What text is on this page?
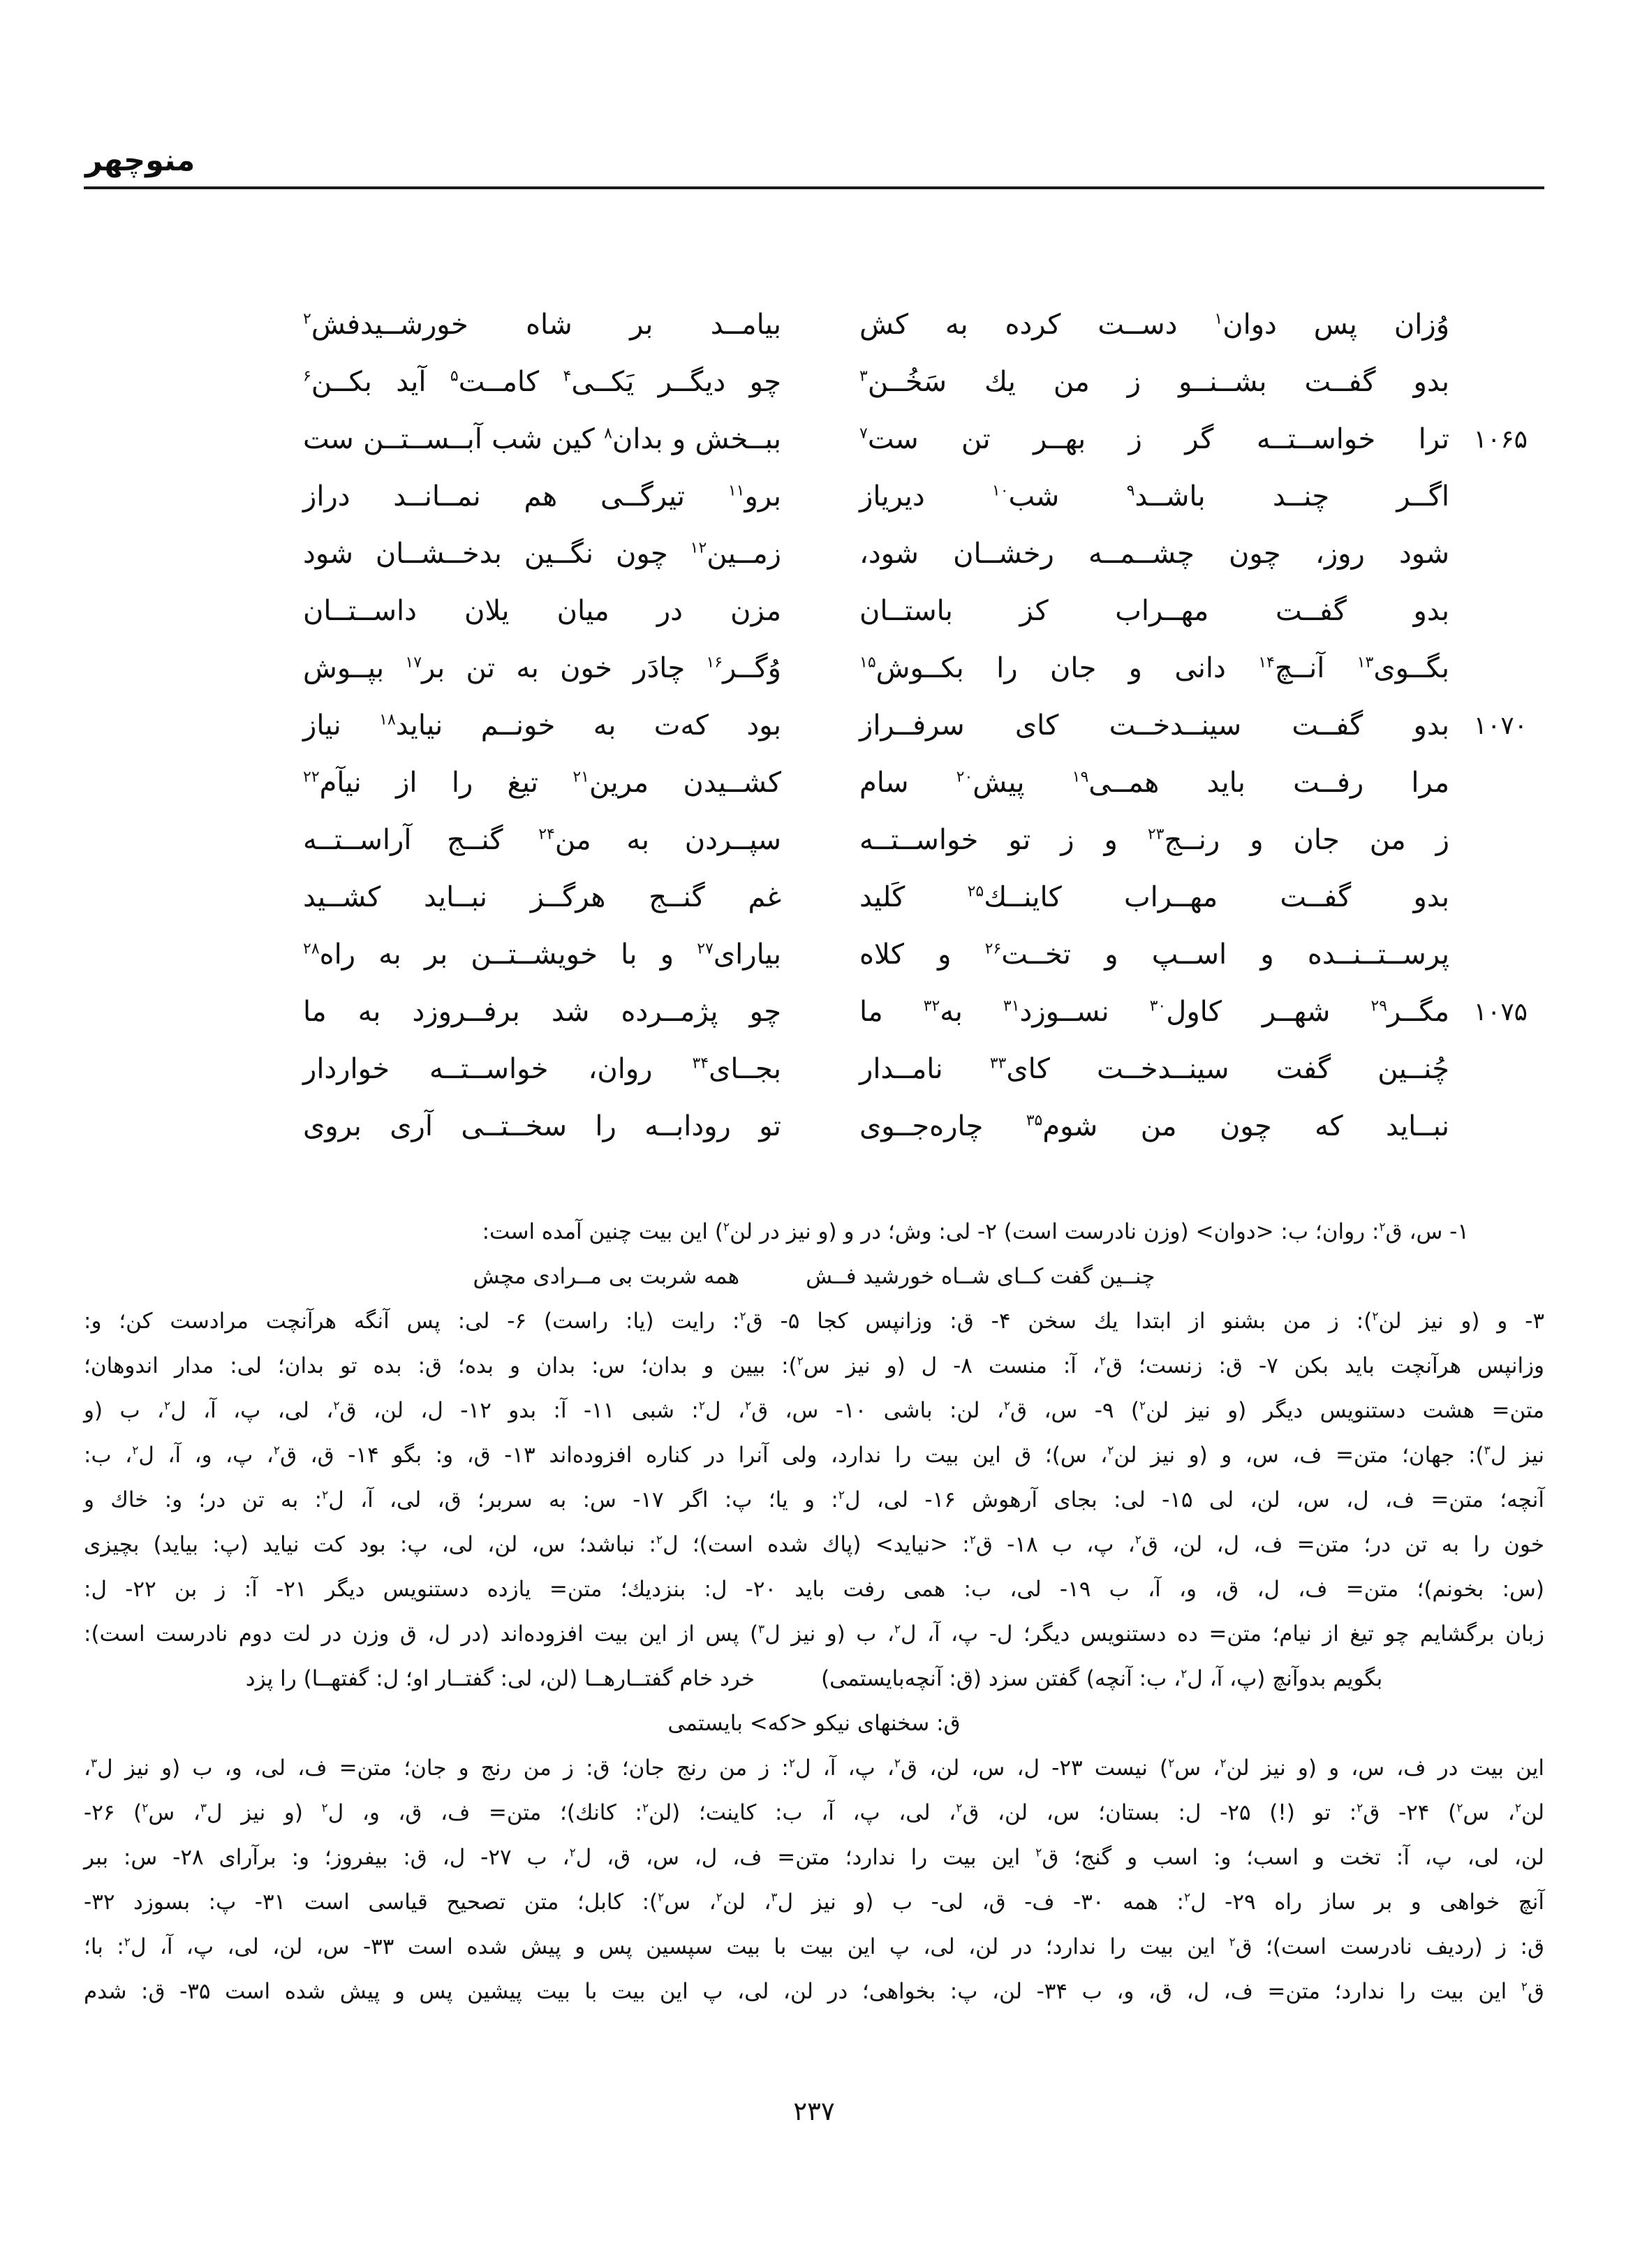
منوچهر
وُزان پس دوان$^۱$ دســت كرده به كش
بيامــد بر شاه خورشــيدفش$^۲$
بدو گفــت بشــنــو ز من يك سَخُــن$^۳$
چو ديگــر يَكــى$^۴$ كامــت$^۵$ آيد بكــن$^۶$
۱۰۶۵
ترا خواســتــه گر ز بهــر تن ست$^۷$
ببــخش و بدان$^۸$ كين شب آبــســتــن ست
اگــر چنــد باشــد$^۹$ شب$^{۱۰}$ ديرياز
برو$^{۱۱}$ تيرگــى هم نمــانــد دراز
شود روز، چون چشــمــه رخشــان شود،
زمــين$^{۱۲}$ چون نگــين بدخــشــان شود
بدو گفــت مهــراب كز باستــان
مزن در ميان يلان داســتــان
بگــوى$^{۱۳}$ آنــچ$^{۱۴}$ دانى و جان را بكــوش$^{۱۵}$
وُگــر$^{۱۶}$ چادَر خون به تن بر$^{۱۷}$ بپــوش
۱۰۷۰
بدو گفــت سينــدخــت كاى سرفــراز
بود كه‌ت به خونــم نيايد$^{۱۸}$ نياز
مرا رفــت بايد همــى$^{۱۹}$ پيش$^{۲۰}$ سام
كشــيدن مرين$^{۲۱}$ تيغ را از نيآم$^{۲۲}$
ز من جان و رنــج$^{۲۳}$ و ز تو خواســتــه
سپــردن به من$^{۲۴}$ گنــج آراســتــه
بدو گفــت مهــراب كاينــك$^{۲۵}$ كَليد
غم گنــج هرگــز نبــايد كشــيد
پرســتــنــده و اســپ و تخــت$^{۲۶}$ و كلاه
بياراى$^{۲۷}$ و با خويشــتــن بر به راه$^{۲۸}$
۱۰۷۵
مگــر$^{۲۹}$ شهــر كاول$^{۳۰}$ نســوزد$^{۳۱}$ به$^{۳۲}$ ما
چو پژمــرده شد برفــروزد به ما
چُنــين گفت سينــدخــت كاى$^{۳۳}$ نامــدار
بجــاى$^{۳۴}$ روان، خواســتــه خواردار
نبــايد كه چون من شوم$^{۳۵}$ چاره‌جــوى
تو رودابــه را سخــتــى آرى بروى
۱- س، ق$^۲$: روان؛ ب: <دوان> (وزن نادرست است) ۲- لى: وش؛ در و (و نيز در لن$^۲$) اين بيت چنين آمده است:
چنــين گفت كــاى شــاه خورشيد فــش
همه شربت بى مــرادى مچش
۳- و (و نيز لن$^۲$): ز من بشنو از ابتدا يك سخن ۴- ق: وزانپس كجا ۵- ق$^۲$: رايت (يا: راست) ۶- لى: پس آنگه هرآنچت مرادست كن؛ و:
وزانپس هرآنچت بايد بكن ۷- ق: زنست؛ ق$^۲$، آ: منست ۸- ل (و نيز س$^۲$): بيين و بدان؛ س: بدان و بده؛ ق: بده تو بدان؛ لى: مدار اندوهان؛
متن= هشت دستنويس ديگر (و نيز لن$^۲$) ۹- س، ق$^۲$، لن: باشى ۱۰- س، ق$^۲$، ل$^۲$: شبى ۱۱- آ: بدو ۱۲- ل، لن، ق$^۲$، لى، پ، آ، ل$^۲$، ب (و
نيز ل$^۳$): جهان؛ متن= ف، س، و (و نيز لن$^۲$، س)؛ ق اين بيت را ندارد، ولى آنرا در كناره افزوده‌اند ۱۳- ق، و: بگو ۱۴- ق، ق$^۲$، پ، و، آ، ل$^۲$، ب:
آنچه؛ متن= ف، ل، س، لن، لى ۱۵- لى: بجاى آرهوش ۱۶- لى، ل$^۲$: و يا؛ پ: اگر ۱۷- س: به سربر؛ ق، لى، آ، ل$^۲$: به تن در؛ و: خاك و
خون را به تن در؛ متن= ف، ل، لن، ق$^۲$، پ، ب ۱۸- ق$^۲$: <نيايد> (پاك شده است)؛ ل$^۲$: نباشد؛ س، لن، لى، پ: بود كت نيايد (پ: بيايد) بچيزى
(س: بخونم)؛ متن= ف، ل، ق، و، آ، ب ۱۹- لى، ب: همى رفت بايد ۲۰- ل: بنزديك؛ متن= يازده دستنويس ديگر ۲۱- آ: ز بن ۲۲- ل:
زبان برگشايم چو تيغ از نيام؛ متن= ده دستنويس ديگر؛ ل- پ، آ، ل$^۲$، ب (و نيز ل$^۳$) پس از اين بيت افزوده‌اند (در ل، ق وزن در لت دوم نادرست است):
بگويم بدوآنچ (پ، آ، ل$^۲$، ب: آنچه) گفتن سزد (ق: آنچه‌بايستمى)
خرد خام گفتــارهــا (لن، لى: گفتــار او؛ ل: گفتهــا) را پزد
ق: سخنهاى نيكو <كه> بايستمى
اين بيت در ف، س، و (و نيز لن$^۲$، س$^۲$) نيست ۲۳- ل، س، لن، ق$^۲$، پ، آ، ل$^۲$: ز من رنج جان؛ ق: ز من رنج و جان؛ متن= ف، لى، و، ب (و نيز ل$^۳$،
لن$^۲$، س$^۲$) ۲۴- ق$^۲$: تو (!) ۲۵- ل: بستان؛ س، لن، ق$^۲$، لى، پ، آ، ب: كاينت؛ (لن$^۲$: كانك)؛ متن= ف، ق، و، ل$^۲$ (و نيز ل$^۳$، س$^۲$) ۲۶-
لن، لى، پ، آ: تخت و اسب؛ و: اسب و گنج؛ ق$^۲$ اين بيت را ندارد؛ متن= ف، ل، س، ق، ل$^۲$، ب ۲۷- ل، ق: بيفروز؛ و: برآراى ۲۸- س: ببر
آنچ خواهى و بر ساز راه ۲۹- ل$^۲$: همه ۳۰- ف- ق، لى- ب (و نيز ل$^۳$، لن$^۲$، س$^۲$): كابل؛ متن تصحيح قياسى است ۳۱- پ: بسوزد ۳۲-
ق: ز (رديف نادرست است)؛ ق$^۲$ اين بيت را ندارد؛ در لن، لى، پ اين بيت با بيت سپسين پس و پيش شده است ۳۳- س، لن، لى، پ، آ، ل$^۲$: با؛
ق$^۲$ اين بيت را ندارد؛ متن= ف، ل، ق، و، ب ۳۴- لن، پ: بخواهى؛ در لن، لى، پ اين بيت با بيت پيشين پس و پيش شده است ۳۵- ق: شدم
۲۳۷
